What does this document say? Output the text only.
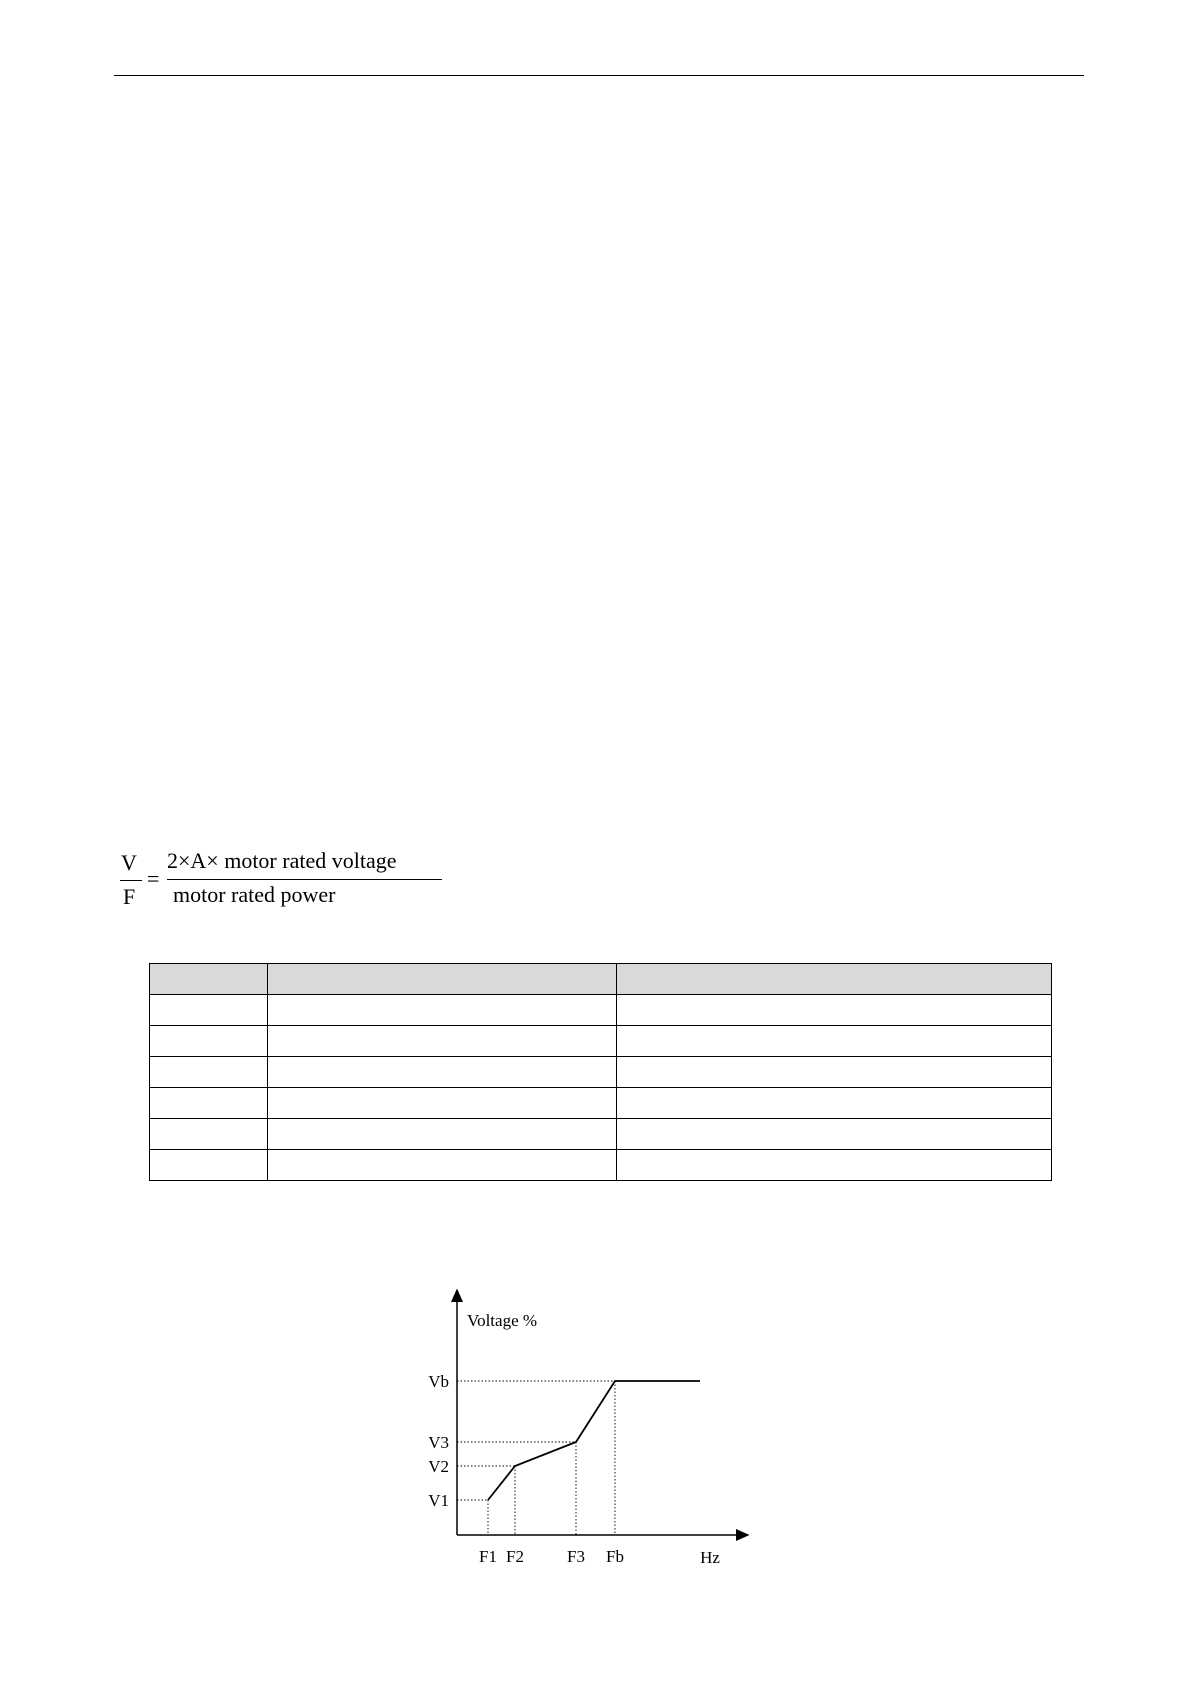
V
F
=
2×A× motor rated voltage
motor rated power

V1
V2
V3
Vb
F1 F2	F3 Fb
Voltage %
Hz
